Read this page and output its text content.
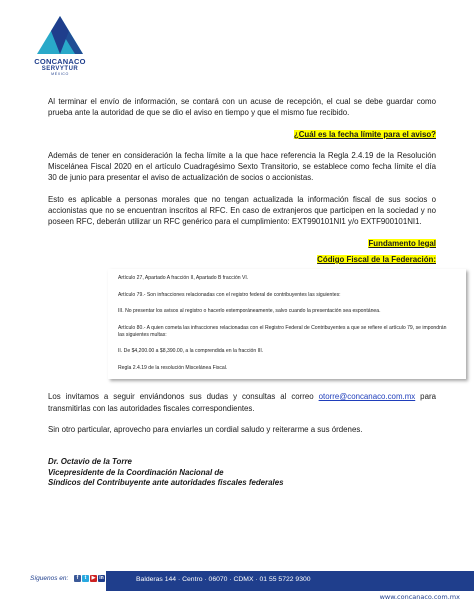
CONCANACO
SERVYTUR
MÉXICO

Al terminar el envío de información, se contará con un acuse de recepción, el cual se debe guardar como prueba ante la autoridad de que se dio el aviso en tiempo y que el mismo fue recibido.

¿Cuál es la fecha límite para el aviso?

Además de tener en consideración la fecha límite a la que hace referencia la Regla 2.4.19 de la Resolución Miscelánea Fiscal 2020 en el artículo Cuadragésimo Sexto Transitorio, se establece como fecha límite el día 30 de junio para presentar el aviso de actualización de socios o accionistas.

Esto es aplicable a personas morales que no tengan actualizada la información fiscal de sus socios o accionistas que no se encuentran inscritos al RFC. En caso de extranjeros que participen en la sociedad y no poseen RFC, deberán utilizar un RFC genérico para el cumplimiento: EXT990101NI1 y/o EXTF900101NI1.

Fundamento legal

Código Fiscal de la Federación:

Artículo 27, Apartado A fracción II, Apartado B fracción VI.

Artículo 79.- Son infracciones relacionadas con el registro federal de contribuyentes las siguientes:

III. No presentar los avisos al registro o hacerlo extemporáneamente, salvo cuando la presentación sea espontánea.

Artículo 80.- A quien cometa las infracciones relacionadas con el Registro Federal de Contribuyentes a que se refiere el artículo 79, se impondrán las siguientes multas:

II. De $4,200.00 a $8,390.00, a la comprendida en la fracción III.

Regla 2.4.19 de la resolución Miscelánea Fiscal.

Los invitamos a seguir enviándonos sus dudas y consultas al correo otorre@concanaco.com.mx para transmitirlas con las autoridades fiscales correspondientes.

Sin otro particular, aprovecho para enviarles un cordial saludo y reiterarme a sus órdenes.

Dr. Octavio de la Torre
Vicepresidente de la Coordinación Nacional de
Síndicos del Contribuyente ante autoridades fiscales federales
Síguenos en:	f	t	▶ in	Balderas 144 · Centro · 06070 · CDMX · 01 55 5722 9300
www.concanaco.com.mx
